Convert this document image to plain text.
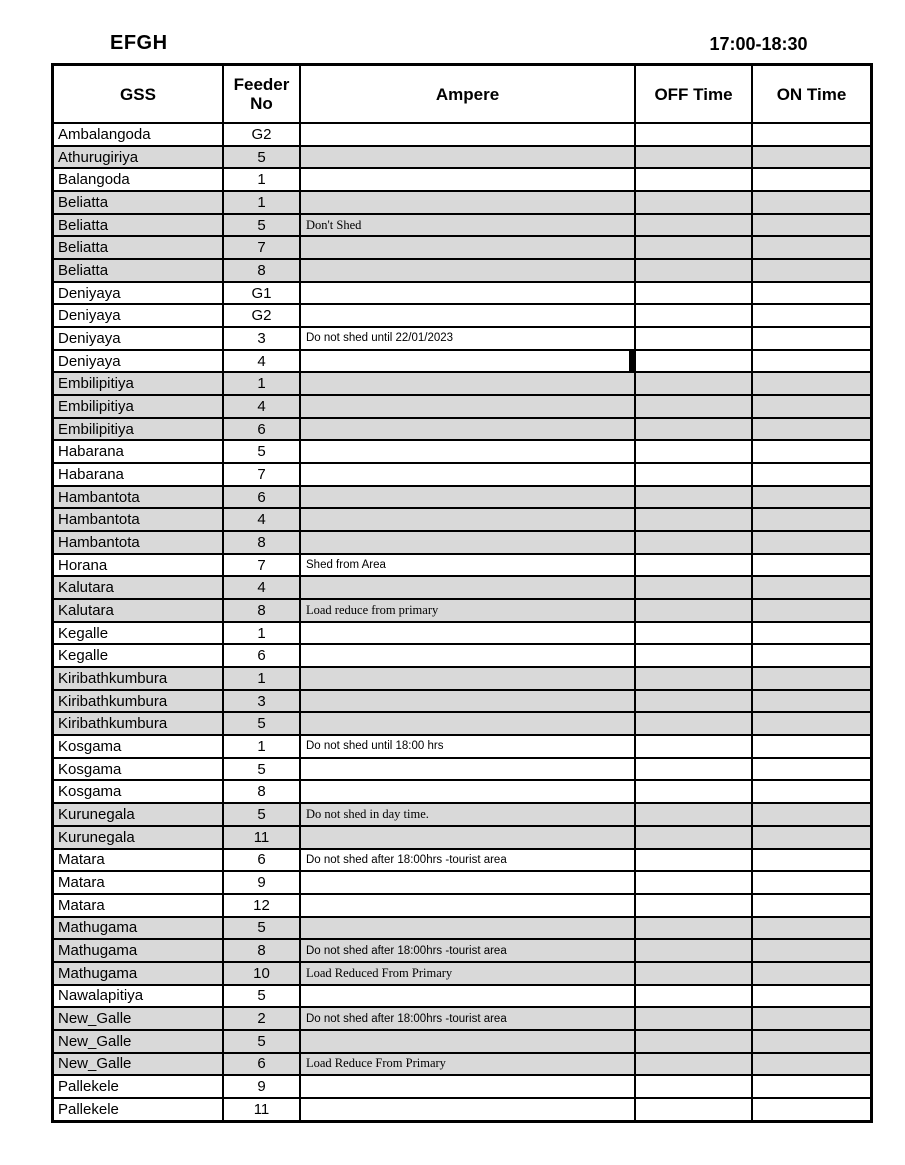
EFGH	17:00-18:30
GSS	Feeder No	Ampere	OFF Time	ON Time
Ambalangoda	G2
Athurugiriya	5
Balangoda	1
Beliatta	1
Beliatta	5	Don't Shed
Beliatta	7
Beliatta	8
Deniyaya	G1
Deniyaya	G2
Deniyaya	3	Do not shed until 22/01/2023
Deniyaya	4
Embilipitiya	1
Embilipitiya	4
Embilipitiya	6
Habarana	5
Habarana	7
Hambantota	6
Hambantota	4
Hambantota	8
Horana	7	Shed from Area
Kalutara	4
Kalutara	8	Load reduce from primary
Kegalle	1
Kegalle	6
Kiribathkumbura	1
Kiribathkumbura	3
Kiribathkumbura	5
Kosgama	1	Do not shed until 18:00 hrs
Kosgama	5
Kosgama	8
Kurunegala	5	Do not shed in day time.
Kurunegala	11
Matara	6	Do not shed after 18:00hrs -tourist area
Matara	9
Matara	12
Mathugama	5
Mathugama	8	Do not shed after 18:00hrs -tourist area
Mathugama	10	Load Reduced From Primary
Nawalapitiya	5
New_Galle	2	Do not shed after 18:00hrs -tourist area
New_Galle	5
New_Galle	6	Load Reduce From Primary
Pallekele	9
Pallekele	11
